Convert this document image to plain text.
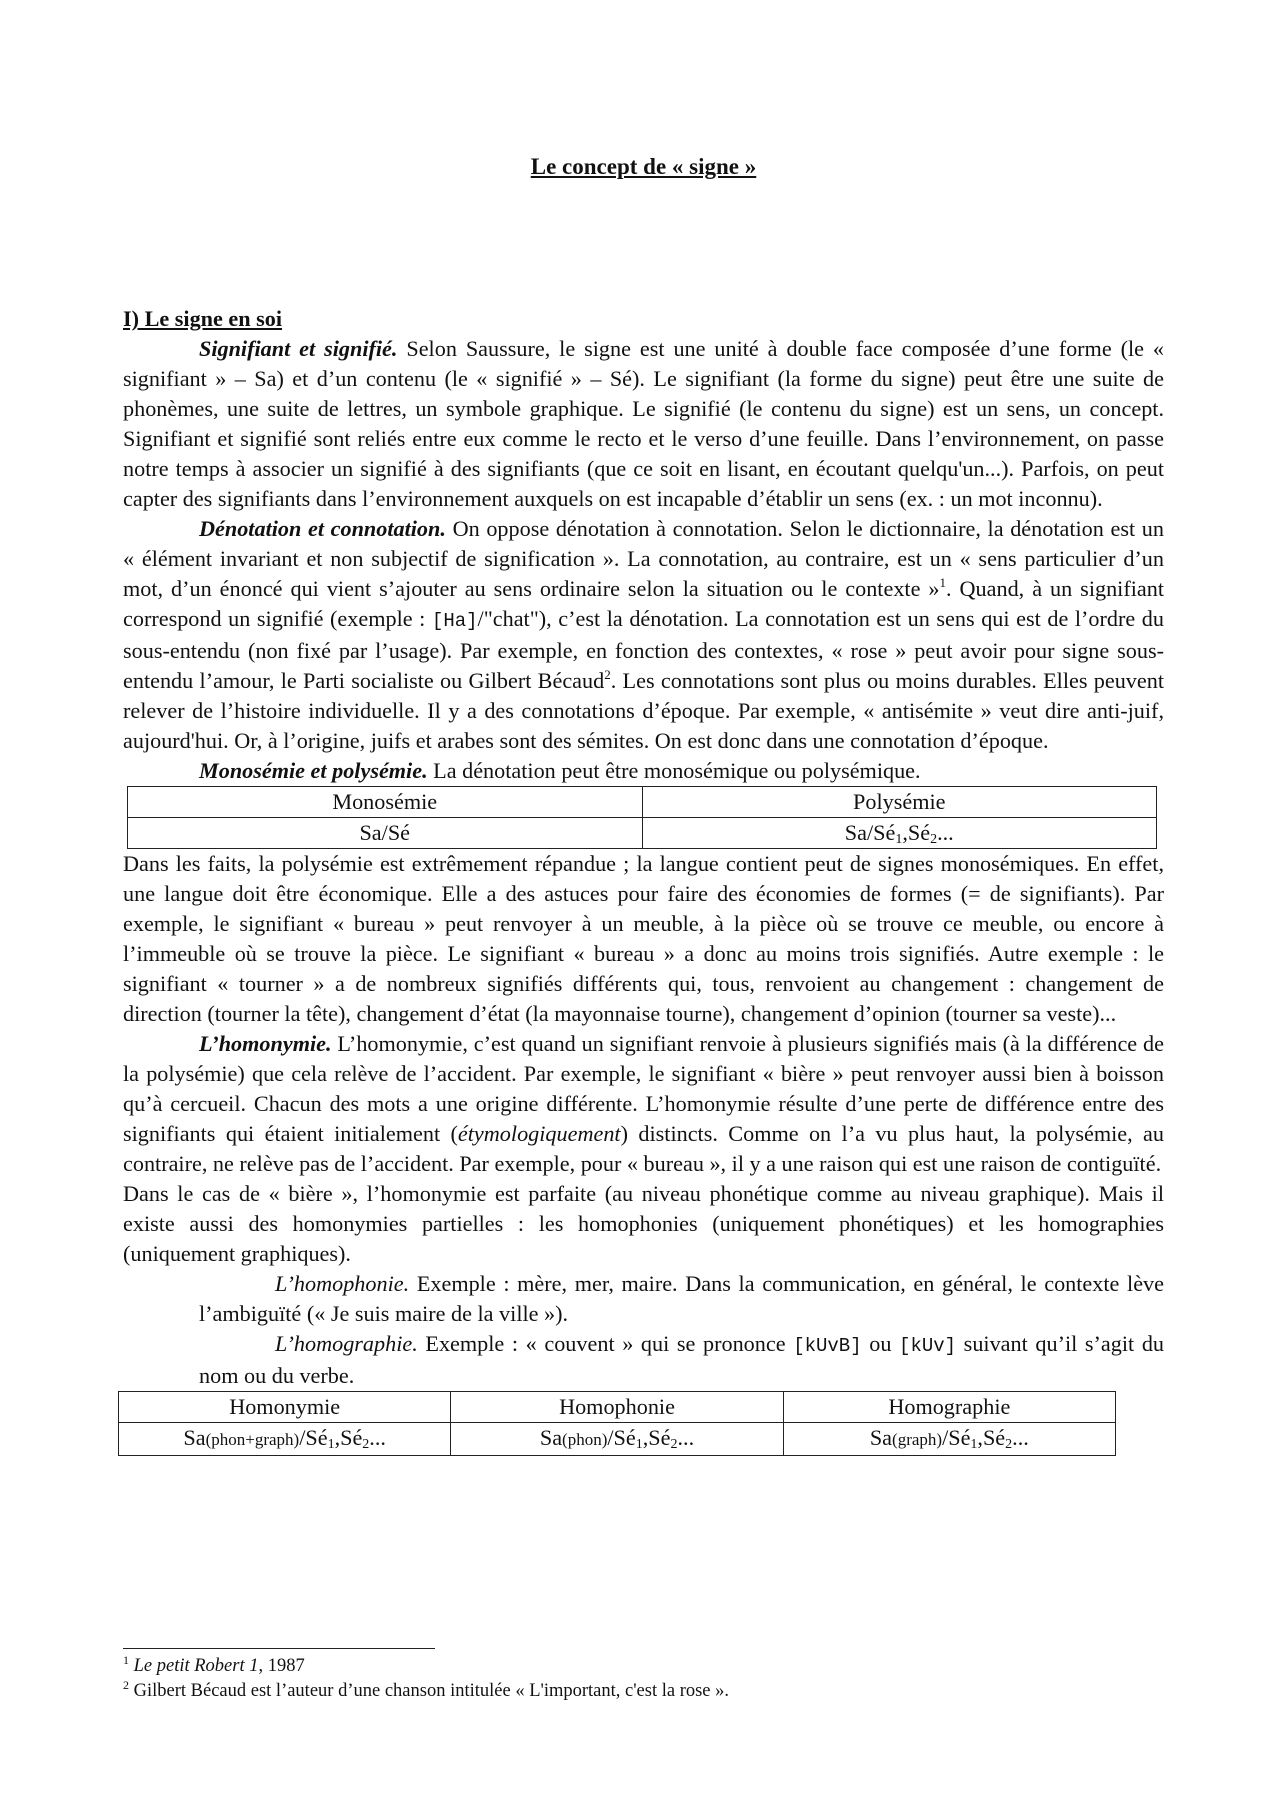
Le concept de « signe »
I) Le signe en soi

Signifiant et signifié. Selon Saussure, le signe est une unité à double face composée d’une forme (le « signifiant » – Sa) et d’un contenu (le « signifié » – Sé). Le signifiant (la forme du signe) peut être une suite de phonèmes, une suite de lettres, un symbole graphique. Le signifié (le contenu du signe) est un sens, un concept. Signifiant et signifié sont reliés entre eux comme le recto et le verso d’une feuille. Dans l’environnement, on passe notre temps à associer un signifié à des signifiants (que ce soit en lisant, en écoutant quelqu'un...). Parfois, on peut capter des signifiants dans l’environnement auxquels on est incapable d’établir un sens (ex. : un mot inconnu).

Dénotation et connotation. On oppose dénotation à connotation. Selon le dictionnaire, la dénotation est un « élément invariant et non subjectif de signification ». La connotation, au contraire, est un « sens particulier d’un mot, d’un énoncé qui vient s’ajouter au sens ordinaire selon la situation ou le contexte »$^1$. Quand, à un signifiant correspond un signifié (exemple : [Ha]/"chat"), c’est la dénotation. La connotation est un sens qui est de l’ordre du sous-entendu (non fixé par l’usage). Par exemple, en fonction des contextes, « rose » peut avoir pour signe sous-entendu l’amour, le Parti socialiste ou Gilbert Bécaud$^2$. Les connotations sont plus ou moins durables. Elles peuvent relever de l’histoire individuelle. Il y a des connotations d’époque. Par exemple, « antisémite » veut dire anti-juif, aujourd'hui. Or, à l’origine, juifs et arabes sont des sémites. On est donc dans une connotation d’époque.

Monosémie et polysémie. La dénotation peut être monosémique ou polysémique.

Monosémie	Polysémie
Sa/Sé	$Sa/Sé_1,Sé_2$...

Dans les faits, la polysémie est extrêmement répandue ; la langue contient peut de signes monosémiques. En effet, une langue doit être économique. Elle a des astuces pour faire des économies de formes (= de signifiants). Par exemple, le signifiant « bureau » peut renvoyer à un meuble, à la pièce où se trouve ce meuble, ou encore à l’immeuble où se trouve la pièce. Le signifiant « bureau » a donc au moins trois signifiés. Autre exemple : le signifiant « tourner » a de nombreux signifiés différents qui, tous, renvoient au changement : changement de direction (tourner la tête), changement d’état (la mayonnaise tourne), changement d’opinion (tourner sa veste)...

L’homonymie. L’homonymie, c’est quand un signifiant renvoie à plusieurs signifiés mais (à la différence de la polysémie) que cela relève de l’accident. Par exemple, le signifiant « bière » peut renvoyer aussi bien à boisson qu’à cercueil. Chacun des mots a une origine différente. L’homonymie résulte d’une perte de différence entre des signifiants qui étaient initialement (étymologiquement) distincts. Comme on l’a vu plus haut, la polysémie, au contraire, ne relève pas de l’accident. Par exemple, pour « bureau », il y a une raison qui est une raison de contiguïté.

Dans le cas de « bière », l’homonymie est parfaite (au niveau phonétique comme au niveau graphique). Mais il existe aussi des homonymies partielles : les homophonies (uniquement phonétiques) et les homographies (uniquement graphiques).

L’homophonie. Exemple : mère, mer, maire. Dans la communication, en général, le contexte lève l’ambiguïté (« Je suis maire de la ville »).

L’homographie. Exemple : « couvent » qui se prononce [kUvB] ou [kUv] suivant qu’il s’agit du nom ou du verbe.

Homonymie	Homophonie	Homographie
$Sa(phon+graph)/Sé_1,Sé_2$...	$Sa(phon)/Sé_1,Sé_2$...	$Sa(graph)/Sé_1,Sé_2$...

$^1$ Le petit Robert 1, 1987

$^2$ Gilbert Bécaud est l’auteur d’une chanson intitulée « L'important, c'est la rose ».
